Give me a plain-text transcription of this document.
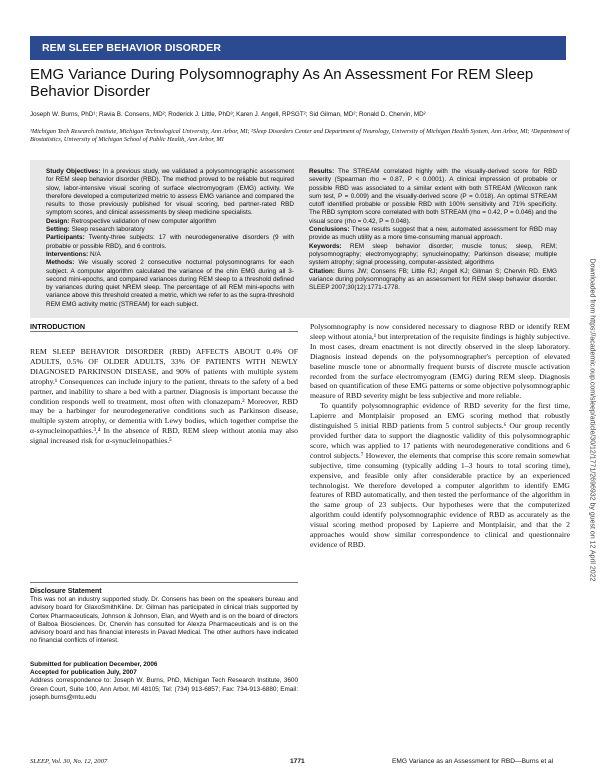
REM SLEEP BEHAVIOR DISORDER
EMG Variance During Polysomnography As An Assessment For REM Sleep Behavior Disorder
Joseph W. Burns, PhD¹; Ravia B. Consens, MD²; Roderick J. Little, PhD³; Karen J. Angell, RPSGT²; Sid Gilman, MD²; Ronald D. Chervin, MD²
¹Michigan Tech Research Institute, Michigan Technological University, Ann Arbor, MI; ²Sleep Disorders Center and Department of Neurology, University of Michigan Health System, Ann Arbor, MI; ³Department of Biostatistics, University of Michigan School of Public Health, Ann Arbor, MI

Study Objectives: In a previous study, we validated a polysomnographic assessment for REM sleep behavior disorder (RBD). The method proved to be reliable but required slow, labor-intensive visual scoring of surface electromyogram (EMG) activity. We therefore developed a computerized metric to assess EMG variance and compared the results to those previously published for visual scoring, bed partner-rated RBD symptom scores, and clinical assessments by sleep medicine specialists.

Design: Retrospective validation of new computer algorithm

Setting: Sleep research laboratory

Participants: Twenty-three subjects: 17 with neurodegenerative disorders (9 with probable or possible RBD), and 6 controls.

Interventions: N/A

Methods: We visually scored 2 consecutive nocturnal polysomnograms for each subject. A computer algorithm calculated the variance of the chin EMG during all 3-second mini-epochs, and compared variances during REM sleep to a threshold defined by variances during quiet NREM sleep. The percentage of all REM mini-epochs with variance above this threshold created a metric, which we refer to as the supra-threshold REM EMG activity metric (STREAM) for each subject.

Results: The STREAM correlated highly with the visually-derived score for RBD severity (Spearman rho = 0.87, P < 0.0001). A clinical impression of probable or possible RBD was associated to a similar extent with both STREAM (Wilcoxon rank sum test, P = 0.009) and the visually-derived score (P = 0.018). An optimal STREAM cutoff identified probable or possible RBD with 100% sensitivity and 71% specificity. The RBD symptom score correlated with both STREAM (rho = 0.42, P = 0.046) and the visual score (rho = 0.42, P = 0.048).

Conclusions: These results suggest that a new, automated assessment for RBD may provide as much utility as a more time-consuming manual approach.

Keywords: REM sleep behavior disorder; muscle tonus; sleep, REM; polysomnography; electromyography; synucleinopathy; Parkinson disease; multiple system atrophy; signal processing, computer-assisted; algorithms

Citation: Burns JW; Consens FB; Little RJ; Angell KJ; Gilman S; Chervin RD. EMG variance during polysomnography as an assessment for REM sleep behavior disorder. SLEEP 2007;30(12):1771-1778.

INTRODUCTION

REM SLEEP BEHAVIOR DISORDER (RBD) AFFECTS ABOUT 0.4% OF ADULTS, 0.5% OF OLDER ADULTS, 33% OF PATIENTS WITH NEWLY DIAGNOSED PARKINSON DISEASE, and 90% of patients with multiple system atrophy.¹ Consequences can include injury to the patient, threats to the safety of a bed partner, and inability to share a bed with a partner. Diagnosis is important because the condition responds well to treatment, most often with clonazepam.² Moreover, RBD may be a harbinger for neurodegenerative conditions such as Parkinson disease, multiple system atrophy, or dementia with Lewy bodies, which together comprise the α-synucleinopathies.³,⁴ In the absence of RBD, REM sleep without atonia may also signal increased risk for α-synucleinopathies.⁵

Polysomnography is now considered necessary to diagnose RBD or identify REM sleep without atonia,¹ but interpretation of the requisite findings is highly subjective. In most cases, dream enactment is not directly observed in the sleep laboratory. Diagnosis instead depends on the polysomnographer's perception of elevated baseline muscle tone or abnormally frequent bursts of discrete muscle activation recorded from the surface electromyogram (EMG) during REM sleep. Diagnosis based on quantification of these EMG patterns or some objective polysomnographic measure of RBD severity might be less subjective and more reliable.

To quantify polysomnographic evidence of RBD severity for the first time, Lapierre and Montplaisir proposed an EMG scoring method that robustly distinguished 5 initial RBD patients from 5 control subjects.⁶ Our group recently provided further data to support the diagnostic validity of this polysomnographic score, which was applied to 17 patients with neurodegenerative conditions and 6 control subjects.⁷ However, the elements that comprise this score remain somewhat subjective, time consuming (typically adding 1–3 hours to total scoring time), expensive, and feasible only after considerable practice by an experienced technologist. We therefore developed a computer algorithm to identify EMG features of RBD automatically, and then tested the performance of the algorithm in the same group of 23 subjects. Our hypotheses were that the computerized algorithm could identify polysomnographic evidence of RBD as accurately as the visual scoring method proposed by Lapierre and Montplaisir, and that the 2 approaches would show similar correspondence to clinical and questionnaire evidence of RBD.

Disclosure Statement
This was not an industry supported study. Dr. Consens has been on the speakers bureau and advisory board for GlaxoSmithKline. Dr. Gilman has participated in clinical trials supported by Cortex Pharmaceuticals, Johnson & Johnson, Elan, and Wyeth and is on the board of directors of Balboa Biosciences. Dr. Chervin has consulted for Alexza Pharmaceuticals and is on the advisory board and has financial interests in Pavad Medical. The other authors have indicated no financial conflicts of interest.
Submitted for publication December, 2006
Accepted for publication July, 2007
Address correspondence to: Joseph W. Burns, PhD, Michigan Tech Research Institute, 3600 Green Court, Suite 100, Ann Arbor, MI 48105; Tel: (734) 913-6857; Fax: 734-913-6880; Email: joseph.burns@mtu.edu
SLEEP, Vol. 30, No. 12, 2007	1771	EMG Variance as an Assessment for RBD—Burns et al
Downloaded from https://academic.oup.com/sleep/article/30/12/1771/2696932 by guest on 12 April 2022
